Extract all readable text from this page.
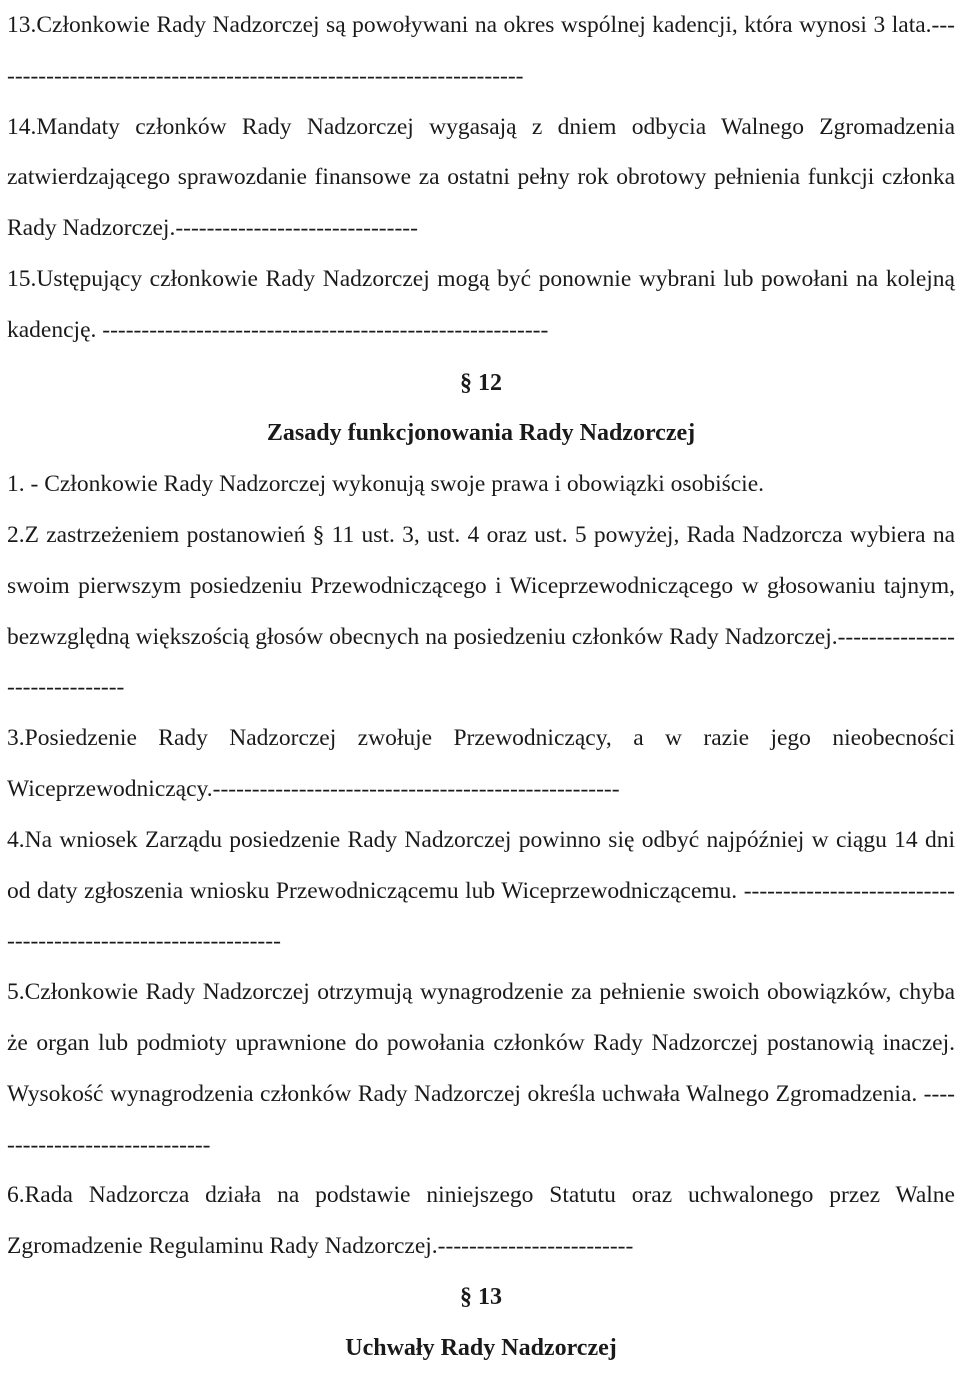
13.Członkowie Rady Nadzorczej są powoływani na okres wspólnej kadencji, która wynosi 3 lata.---------------------------------------------------------------------

14.Mandaty członków Rady Nadzorczej wygasają z dniem odbycia Walnego Zgromadzenia zatwierdzającego sprawozdanie finansowe za ostatni pełny rok obrotowy pełnienia funkcji członka Rady Nadzorczej.-------------------------------

15.Ustępujący członkowie Rady Nadzorczej mogą być ponownie wybrani lub powołani na kolejną kadencję. ---------------------------------------------------------

§ 12
Zasady funkcjonowania Rady Nadzorczej

1. - Członkowie Rady Nadzorczej wykonują swoje prawa i obowiązki osobiście.

2.Z zastrzeżeniem postanowień § 11 ust. 3, ust. 4 oraz ust. 5 powyżej, Rada Nadzorcza wybiera na swoim pierwszym posiedzeniu Przewodniczącego i Wiceprzewodniczącego w głosowaniu tajnym, bezwzględną większością głosów obecnych na posiedzeniu członków Rady Nadzorczej.------------------------------

3.Posiedzenie Rady Nadzorczej zwołuje Przewodniczący, a w razie jego nieobecności Wiceprzewodniczący.----------------------------------------------------

4.Na wniosek Zarządu posiedzenie Rady Nadzorczej powinno się odbyć najpóźniej w ciągu 14 dni od daty zgłoszenia wniosku Przewodniczącemu lub Wiceprzewodniczącemu. --------------------------------------------------------------

5.Członkowie Rady Nadzorczej otrzymują wynagrodzenie za pełnienie swoich obowiązków, chyba że organ lub podmioty uprawnione do powołania członków Rady Nadzorczej postanowią inaczej. Wysokość wynagrodzenia członków Rady Nadzorczej określa uchwała Walnego Zgromadzenia. ------------------------------

6.Rada Nadzorcza działa na podstawie niniejszego Statutu oraz uchwalonego przez Walne Zgromadzenie Regulaminu Rady Nadzorczej.-------------------------

§ 13
Uchwały Rady Nadzorczej
